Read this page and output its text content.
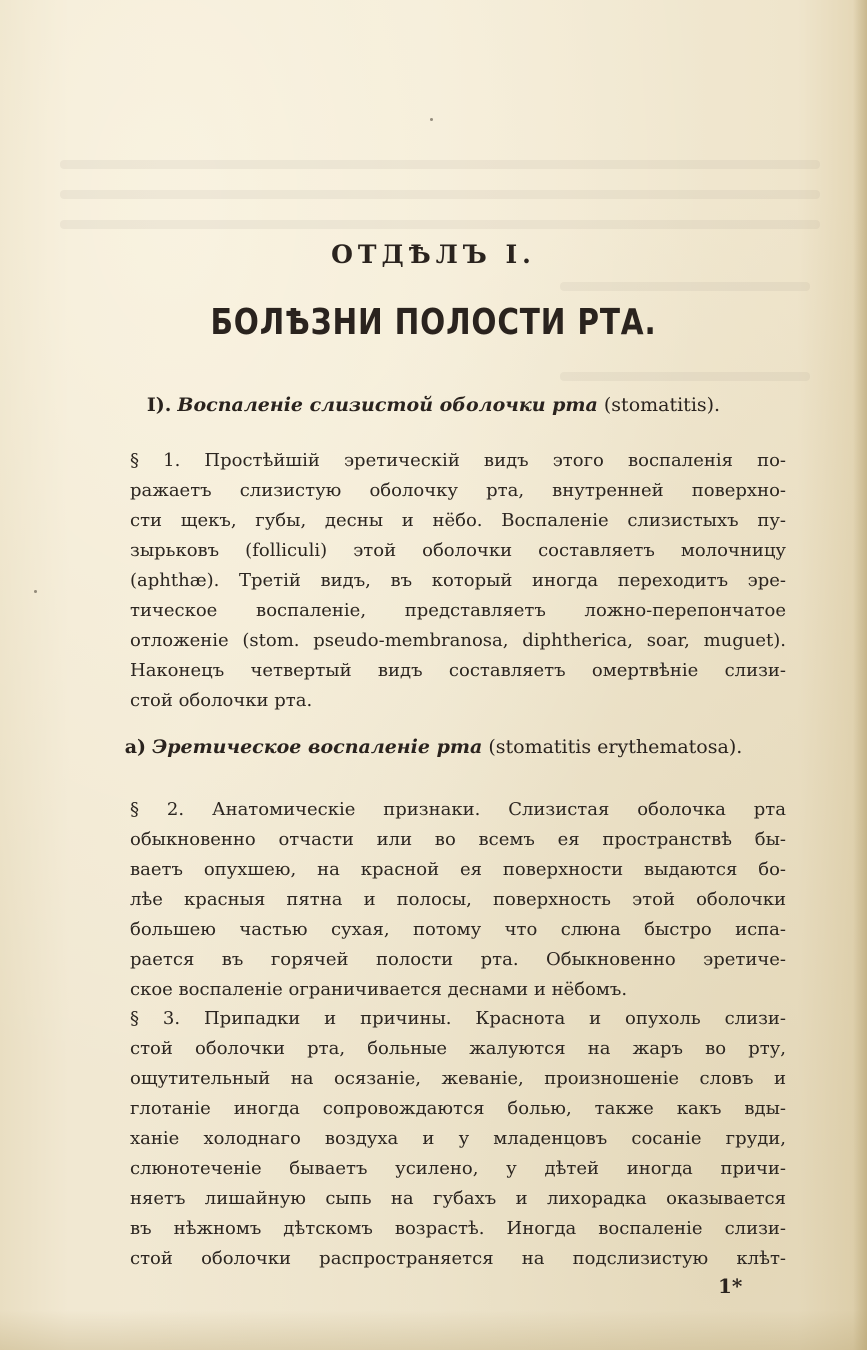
ОТДѢЛЪ I.
БОЛѢЗНИ ПОЛОСТИ РТА.
I). Воспаленіе слизистой оболочки рта (stomatitis).
§ 1. Простѣйшій эретическій видъ этого воспаленія по-
ражаетъ слизистую оболочку рта, внутренней поверхно-
сти щекъ, губы, десны и нёбо. Воспаленіе слизистыхъ пу-
зырьковъ (folliculi) этой оболочки составляетъ молочницу
(aphthæ). Третій видъ, въ который иногда переходитъ эре-
тическое воспаленіе, представляетъ ложно-перепончатое
отложеніе (stom. pseudo-membranosa, diphtherica, soar, muguet).
Наконецъ четвертый видъ составляетъ омертвѣніе слизи-
стой оболочки рта.
a) Эретическое воспаленіе рта (stomatitis erythematosa).
§ 2. Анатомическіе признаки. Слизистая оболочка рта
обыкновенно отчасти или во всемъ ея пространствѣ бы-
ваетъ опухшею, на красной ея поверхности выдаются бо-
лѣе красныя пятна и полосы, поверхность этой оболочки
большею частью сухая, потому что слюна быстро испа-
рается въ горячей полости рта. Обыкновенно эретиче-
ское воспаленіе ограничивается деснами и нёбомъ.
§ 3. Припадки и причины. Краснота и опухоль слизи-
стой оболочки рта, больные жалуются на жаръ во рту,
ощутительный на осязаніе, жеваніе, произношеніе словъ и
глотаніе иногда сопровождаются болью, также какъ вды-
ханіе холоднаго воздуха и у младенцовъ сосаніе груди,
слюнотеченіе бываетъ усилено, у дѣтей иногда причи-
няетъ лишайную сыпь на губахъ и лихорадка оказывается
въ нѣжномъ дѣтскомъ возрастѣ. Иногда воспаленіе слизи-
стой оболочки распространяется на подслизистую клѣт-
1*
